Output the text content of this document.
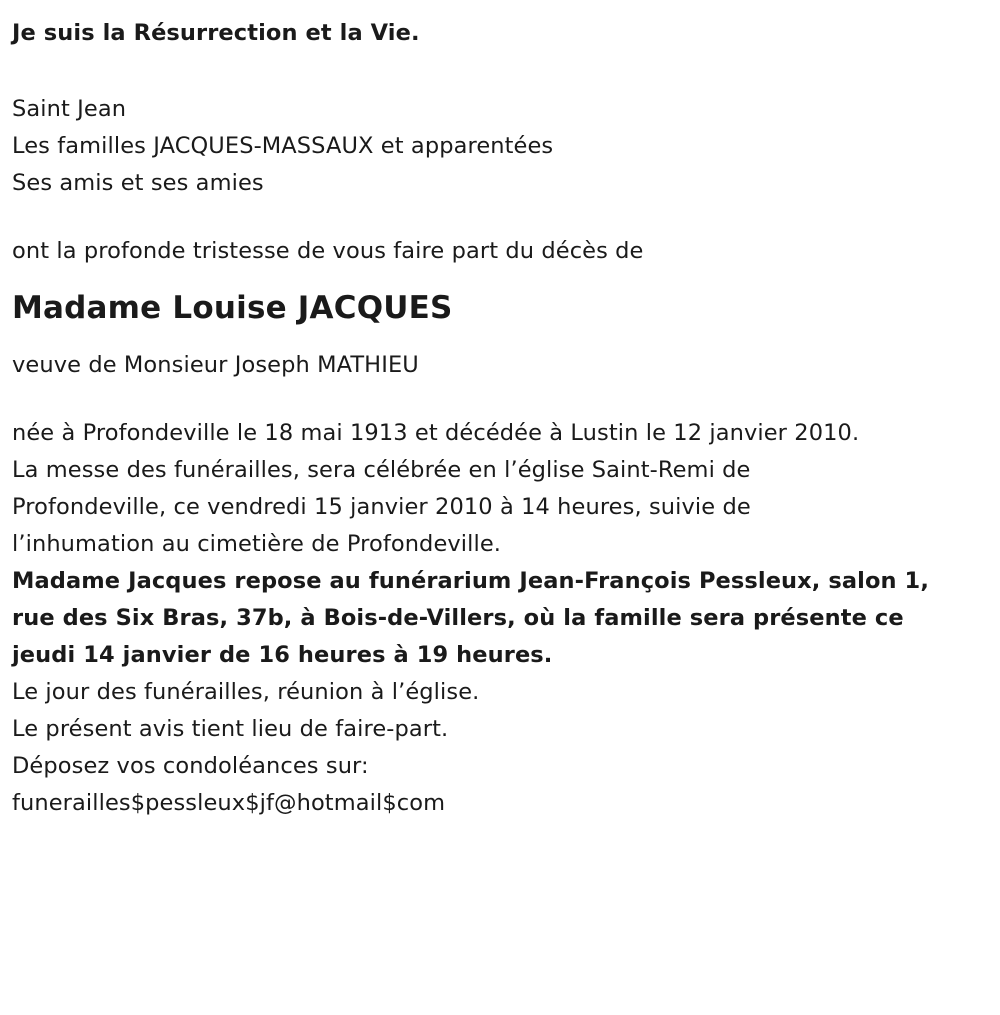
Je suis la Résurrection et la Vie.

Saint Jean

Les familles JACQUES-MASSAUX et apparentées

Ses amis et ses amies

ont la profonde tristesse de vous faire part du décès de

Madame Louise JACQUES

veuve de Monsieur Joseph MATHIEU

née à Profondeville le 18 mai 1913 et décédée à Lustin le 12 janvier 2010.

La messe des funérailles, sera célébrée en l’église Saint-Remi de

Profondeville, ce vendredi 15 janvier 2010 à 14 heures, suivie de

l’inhumation au cimetière de Profondeville.

Madame Jacques repose au funérarium Jean-François Pessleux, salon 1,

rue des Six Bras, 37b, à Bois-de-Villers, où la famille sera présente ce

jeudi 14 janvier de 16 heures à 19 heures.

Le jour des funérailles, réunion à l’église.

Le présent avis tient lieu de faire-part.

Déposez vos condoléances sur:

funerailles$pessleux$jf@hotmail$com
